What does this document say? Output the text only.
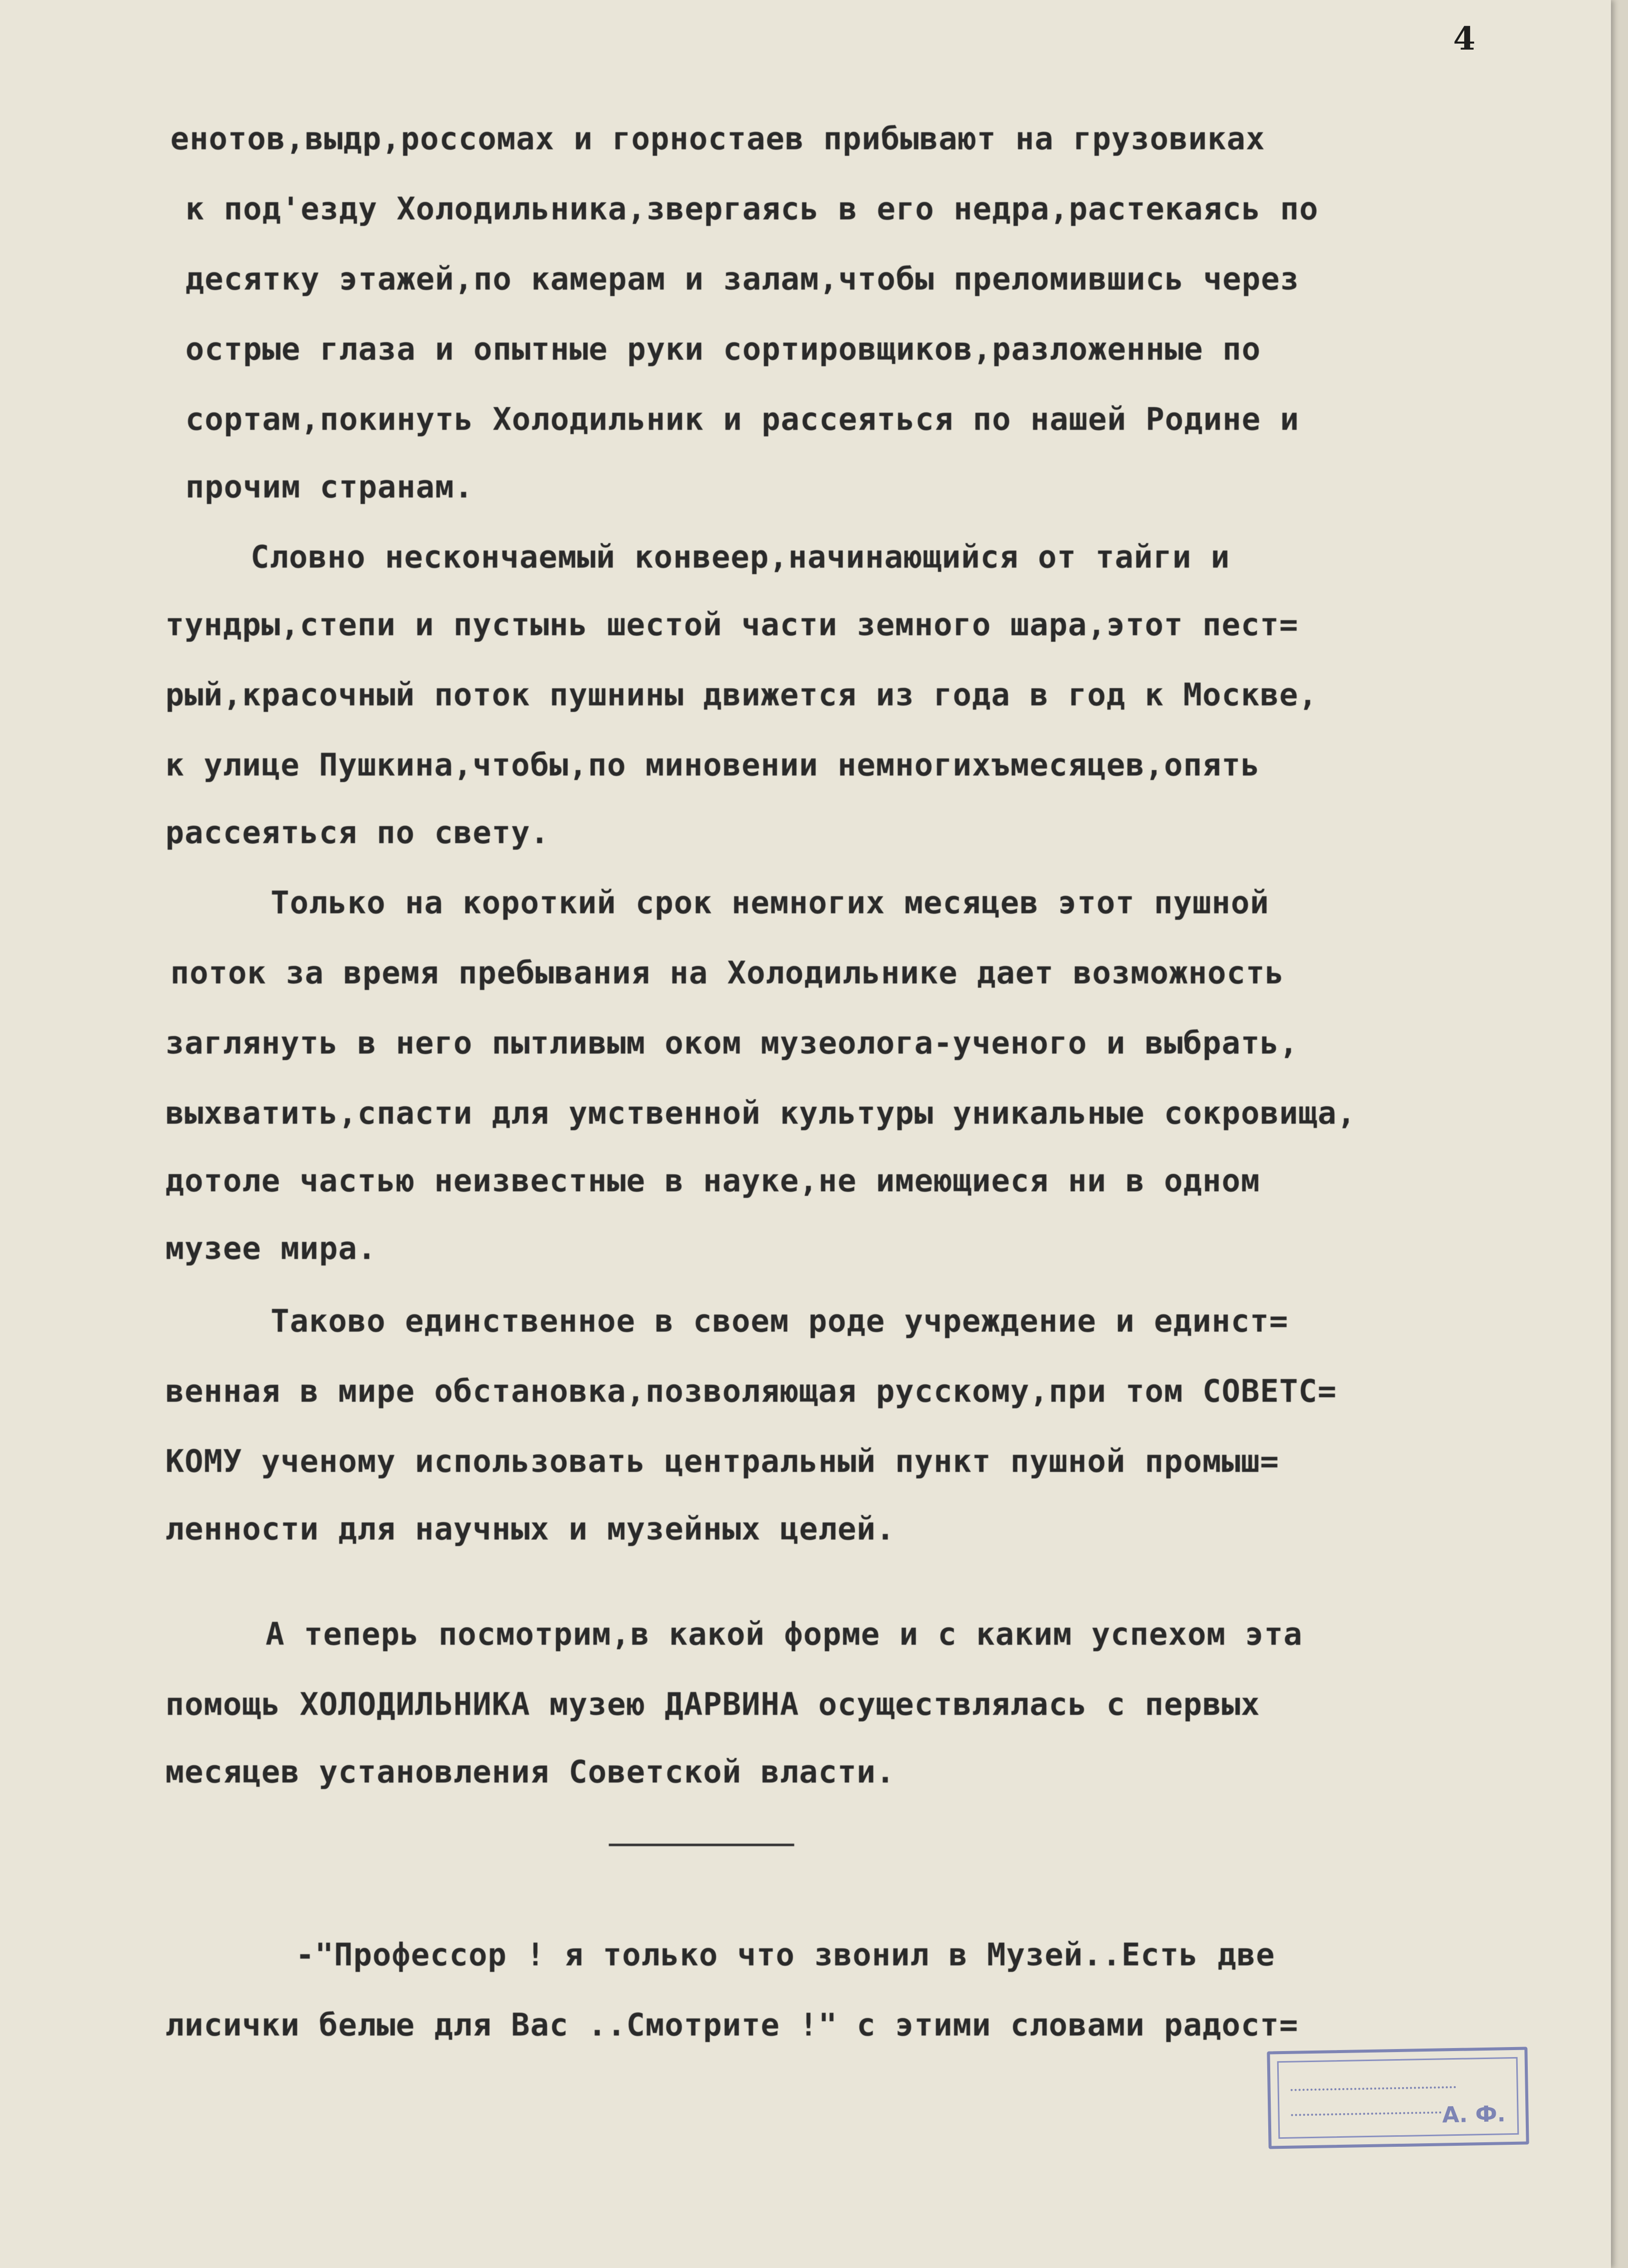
4
енотов,выдр,россомах и горностаев прибывают на грузовиках
к под'езду Холодильника,звергаясь в его недра,растекаясь по
десятку этажей,по камерам и залам,чтобы преломившись через
острые глаза и опытные руки сортировщиков,разложенные по
сортам,покинуть Холодильник и рассеяться по нашей Родине и
прочим странам.
Словно нескончаемый конвеер,начинающийся от тайги и
тундры,степи и пустынь шестой части земного шара,этот пест=
рый,красочный поток пушнины движется из года в год к Москве,
к улице Пушкина,чтобы,по миновении немногихъмесяцев,опять
рассеяться по свету.
Только на короткий срок немногих месяцев этот пушной
поток за время пребывания на Холодильнике дает возможность
заглянуть в него пытливым оком музеолога-ученого и выбрать,
выхватить,спасти для умственной культуры уникальные сокровища,
дотоле частью неизвестные в науке,не имеющиеся ни в одном
музее мира.
Таково единственное в своем роде учреждение и единст=
венная в мире обстановка,позволяющая русскому,при том СОВЕТС=
КОМУ ученому использовать центральный пункт пушной промыш=
ленности для научных и музейных целей.
А теперь посмотрим,в какой форме и с каким успехом эта
помощь ХОЛОДИЛЬНИКА музею ДАРВИНА осуществлялась с первых
месяцев установления Советской власти.
-"Профессор ! я только что звонил в Музей..Есть две
лисички белые для Вас ..Смотрите !" с этими словами радост=
А. Ф.
